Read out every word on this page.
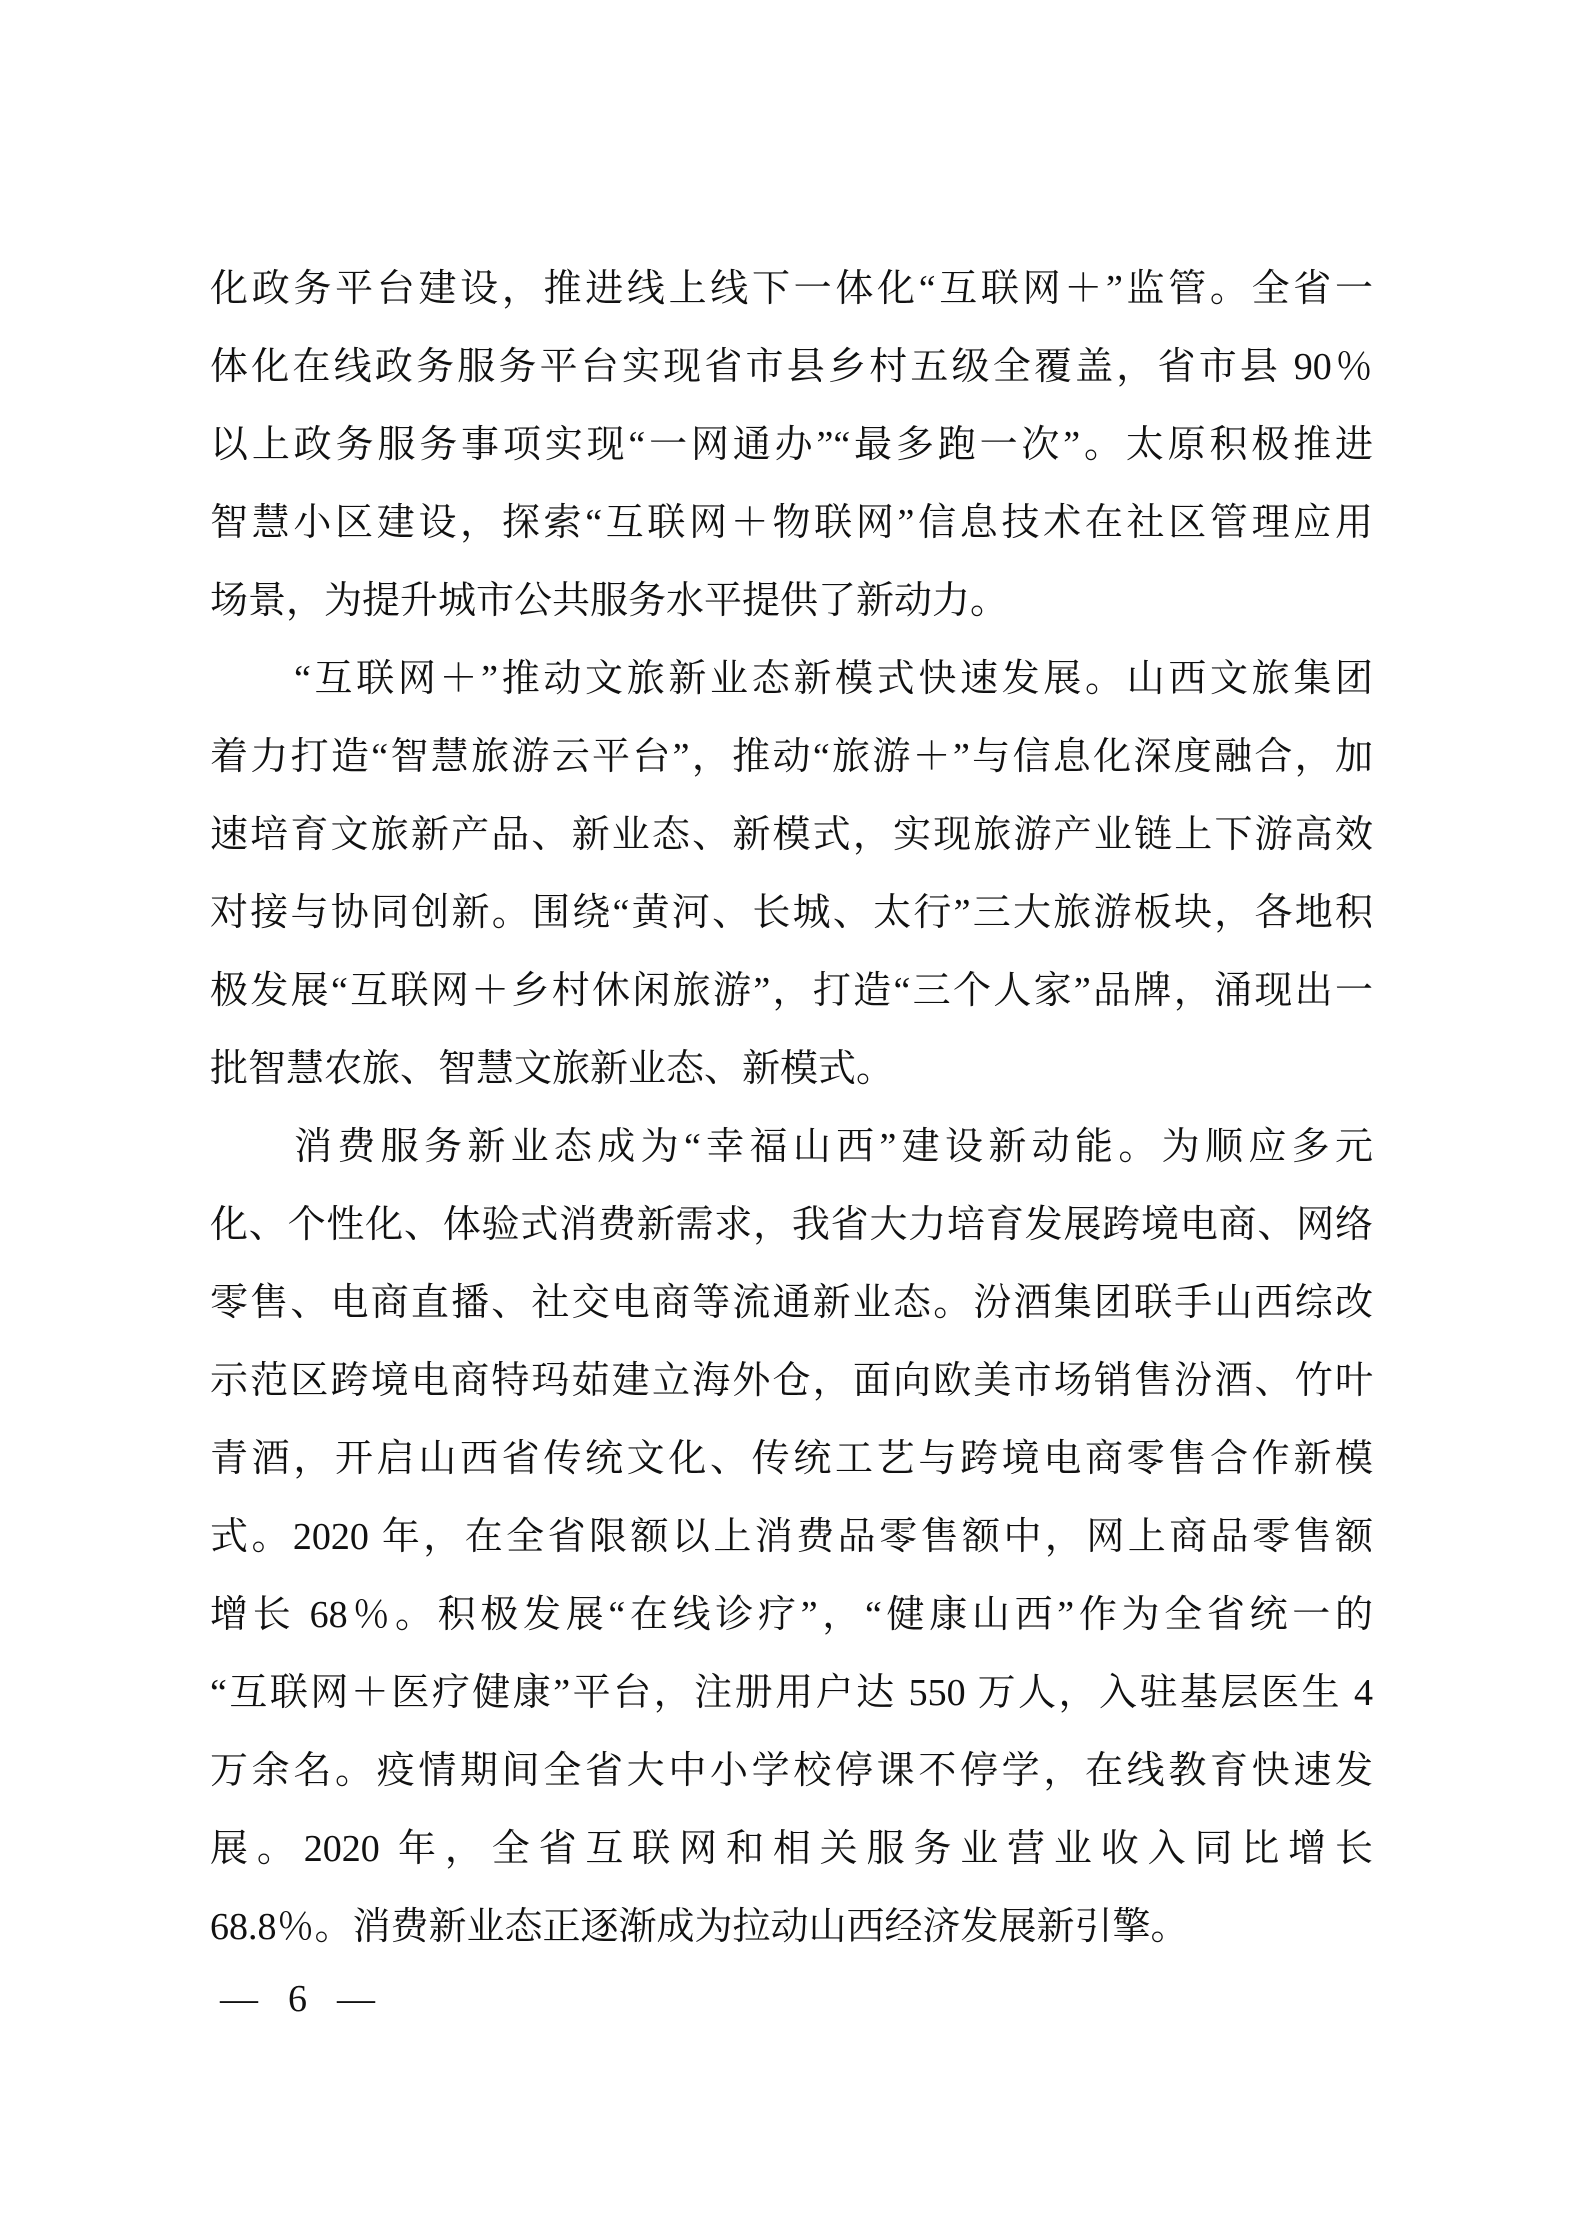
化政务平台建设，推进线上线下一体化“互联网＋”监管。全省一
体化在线政务服务平台实现省市县乡村五级全覆盖，省市县 90％
以上政务服务事项实现“一网通办”“最多跑一次”。太原积极推进
智慧小区建设，探索“互联网＋物联网”信息技术在社区管理应用
场景，为提升城市公共服务水平提供了新动力。
“互联网＋”推动文旅新业态新模式快速发展。山西文旅集团
着力打造“智慧旅游云平台”，推动“旅游＋”与信息化深度融合，加
速培育文旅新产品、新业态、新模式，实现旅游产业链上下游高效
对接与协同创新。围绕“黄河、长城、太行”三大旅游板块，各地积
极发展“互联网＋乡村休闲旅游”，打造“三个人家”品牌，涌现出一
批智慧农旅、智慧文旅新业态、新模式。
消费服务新业态成为“幸福山西”建设新动能。为顺应多元
化、个性化、体验式消费新需求，我省大力培育发展跨境电商、网络
零售、电商直播、社交电商等流通新业态。汾酒集团联手山西综改
示范区跨境电商特玛茹建立海外仓，面向欧美市场销售汾酒、竹叶
青酒，开启山西省传统文化、传统工艺与跨境电商零售合作新模
式。2020 年，在全省限额以上消费品零售额中，网上商品零售额
增长 68％。积极发展“在线诊疗”，“健康山西”作为全省统一的
“互联网＋医疗健康”平台，注册用户达 550 万人，入驻基层医生 4
万余名。疫情期间全省大中小学校停课不停学，在线教育快速发
展。2020 年，全省互联网和相关服务业营业收入同比增长
68.8％。消费新业态正逐渐成为拉动山西经济发展新引擎。
— 6 —
